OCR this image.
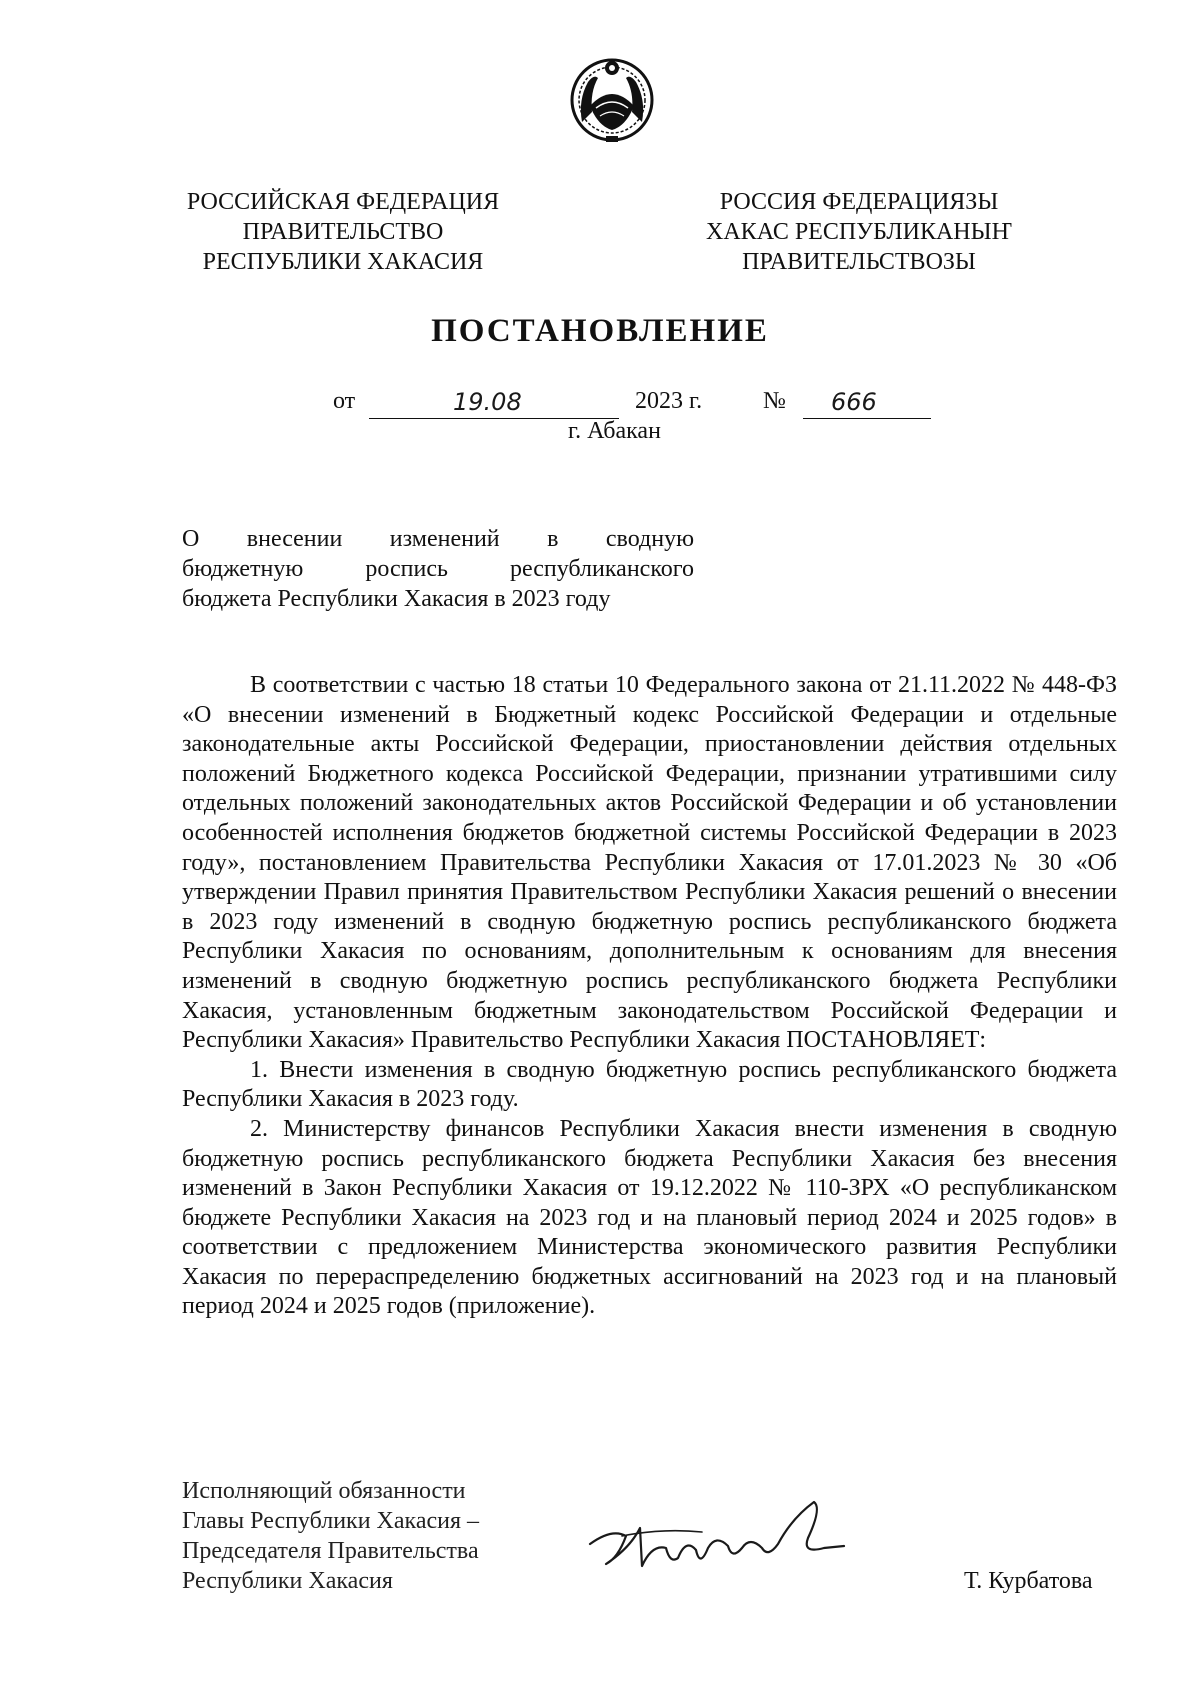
РОССИЙСКАЯ ФЕДЕРАЦИЯ
ПРАВИТЕЛЬСТВО
РЕСПУБЛИКИ ХАКАСИЯ
РОССИЯ ФЕДЕРАЦИЯЗЫ
ХАКАС РЕСПУБЛИКАНЫҤ
ПРАВИТЕЛЬСТВОЗЫ
ПОСТАНОВЛЕНИЕ
от	19.08	2023 г.	№ 666
г. Абакан
О внесении изменений в сводную
бюджетную роспись республиканского
бюджета Республики Хакасия в 2023 году

В соответствии с частью 18 статьи 10 Федерального закона от 21.11.2022 № 448-ФЗ «О внесении изменений в Бюджетный кодекс Российской Федерации и отдельные законодательные акты Российской Федерации, приостановлении действия отдельных положений Бюджетного кодекса Российской Федерации, признании утратившими силу отдельных положений законодательных актов Российской Федерации и об установлении особенностей исполнения бюджетов бюджетной системы Российской Федерации в 2023 году», постановлением Правительства Республики Хакасия от 17.01.2023 № 30 «Об утверждении Правил принятия Правительством Республики Хакасия решений о внесении в 2023 году изменений в сводную бюджетную роспись республиканского бюджета Республики Хакасия по основаниям, дополнительным к основаниям для внесения изменений в сводную бюджетную роспись республиканского бюджета Республики Хакасия, установленным бюджетным законодательством Российской Федерации и Республики Хакасия» Правительство Республики Хакасия ПОСТАНОВЛЯЕТ:

1. Внести изменения в сводную бюджетную роспись республиканского бюджета Республики Хакасия в 2023 году.

2. Министерству финансов Республики Хакасия внести изменения в сводную бюджетную роспись республиканского бюджета Республики Хакасия без внесения изменений в Закон Республики Хакасия от 19.12.2022 № 110-ЗРХ «О республиканском бюджете Республики Хакасия на 2023 год и на плановый период 2024 и 2025 годов» в соответствии с предложением Министерства экономического развития Республики Хакасия по перераспределению бюджетных ассигнований на 2023 год и на плановый период 2024 и 2025 годов (приложение).

Исполняющий обязанности
Главы Республики Хакасия –
Председателя Правительства
Республики Хакасия	Т. Курбатова
